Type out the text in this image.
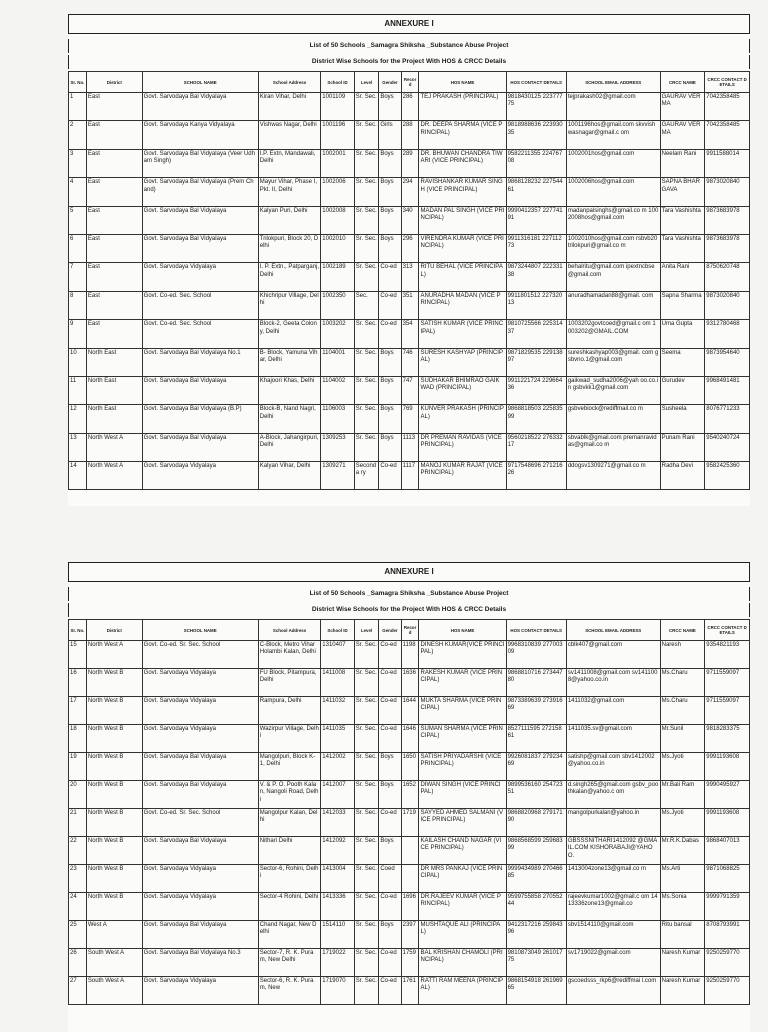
ANNEXURE I
List of 50 Schools _Samagra Shiksha _Substance Abuse Project
District Wise Schools for the Project With HOS & CRCC Details
Sr. No.	District	SCHOOL NAME	School Address	School ID	Level	Gender	Record	HOS NAME	HOS CONTACT DETAILS	SCHOOL EMAIL ADDRESS	CRCC NAME	CRCC CONTACT DETAILS
1	East	Govt. Sarvodaya Bal Vidyalaya	Kiran Vihar, Delhi	1001109	Sr. Sec.	Boys	286	TEJ PRAKASH (PRINCIPAL)	9818430125 22377775	tejprakash02@gmail.com	GAURAV VERMA	7042358485
2	East	Govt. Sarvodaya Kanya Vidyalaya	Vishwas Nagar, Delhi	1001196	Sr. Sec.	Girls	288	DR. DEEPA SHARMA (VICE PRINCIPAL)	9818988636 22393035	1001196hos@gmail.com skvvishwasnagar@gmail.c om	GAURAV VERMA	7042358485
3	East	Govt. Sarvodaya Bal Vidyalaya (Veer Udham Singh)	I.P. Extn, Mandawali, Delhi	1002001	Sr. Sec.	Boys	289	DR. BHUWAN CHANDRA TIWARI (VICE PRINCIPAL)	9582211355 22476708	1002001hos@gmail.com	Neelam Rani	9911588014
4	East	Govt. Sarvodaya Bal Vidyalaya (Prem Chand)	Mayur Vihar, Phase I, Pkt. II, Delhi	1002006	Sr. Sec.	Boys	294	RAVISHANKAR KUMAR SINGH (VICE PRINCIPAL)	9868128232 22754461	1002006hos@gmail.com	SAPNA BHARGAVA	9873020840
5	East	Govt. Sarvodaya Bal Vidyalaya	Kalyan Puri, Delhi	1002008	Sr. Sec.	Boys	340	MADAN PAL SINGH (VICE PRINCIPAL)	9990412357 22774191	madanpalsinghs@gmail.co m 1002008hos@gmail.com	Tara Vashishta	9873683978
6	East	Govt. Sarvodaya Bal Vidyalaya	Trilokpuri, Block 20, Delhi	1002010	Sr. Sec.	Boys	296	VIRENDRA KUMAR (VICE PRINCIPAL)	9911316181 22711273	1002010hos@gmail.com rsbvb20trilokpuri@gmail.co m	Tara Vashishta	9873683978
7	East	Govt. Sarvodaya Vidyalaya	I. P. Extn., Patparganj, Delhi	1002189	Sr. Sec.	Co-ed	313	RITU BEHAL (VICE PRINCIPAL)	9873244807 22233138	behalritu@gmail.com ipextncbse@gmail.com	Anita Rani	8750620748
8	East	Govt. Co-ed. Sec. School	Khichripur Village, Delhi	1002350	Sec.	Co-ed	351	ANURADHA MADAN (VICE PRINCIPAL)	9911801512 22732013	anuradhamadan88@gmail. com	Sapna Sharma	9873020840
9	East	Govt. Co-ed. Sec. School	Block-2, Geeta Colony, Delhi	1003202	Sr. Sec.	Co-ed	354	SATISH KUMAR (VICE PRINCIPAL)	9810725566 22531437	1003202govtcoed@gmail.c om 1003202@GMAIL.COM	Uma Gupta	9312780468
10	North East	Govt. Sarvodaya Bal Vidyalaya No.1	B- Block, Yamuna Vihar, Delhi	1104001	Sr. Sec.	Boys	746	SURESH KASHYAP (PRINCIPAL)	9871829535 22913897	sureshkashyap003@gmail. com gsbvno.1@gmail.com	Seema	9873954640
11	North East	Govt. Sarvodaya Bal Vidyalaya	Khajoori Khas, Delhi	1104002	Sr. Sec.	Boys	747	SUDHAKAR BHIMRAO GAIKWAD (PRINCIPAL)	9911221724 22966436	gaikwad_sudha2006@yah oo.co.in gsbvkk1@gmail.com	Gurudev	9968491481
12	North East	Govt. Sarvodaya Bal Vidyalaya (B.P)	Block-B, Nand Nagri, Delhi	1106003	Sr. Sec.	Boys	769	KUNVER PRAKASH (PRINCIPAL)	9868818503 22583599	gsbvebiock@rediffmail.co m	Susheela	8076771233
13	North West A	Govt. Sarvodaya Bal Vidyalaya	A-Block, Jahangirpuri, Delhi	1309253	Sr. Sec.	Boys	1113	DR PREMAN RAVIDAS (VICE PRINCIPAL)	9560218522 27633217	sbvablk@gmail.com premanravidas@gmail.co m	Punam Rani	9540240724
14	North West A	Govt. Sarvodaya Vidyalaya	Kalyan Vihar, Delhi	1309271	Seconda ry	Co-ed	1117	MANOJ KUMAR RAJAT (VICE PRINCIPAL)	9717548696 27121626	ddogsv1309271@gmail.co m	Radha Devi	9582425360
ANNEXURE I
List of 50 Schools _Samagra Shiksha _Substance Abuse Project
District Wise Schools for the Project With HOS & CRCC Details
Sr. No.	District	SCHOOL NAME	School Address	School ID	Level	Gender	Record	HOS NAME	HOS CONTACT DETAILS	SCHOOL EMAIL ADDRESS	CRCC NAME	CRCC CONTACT DETAILS
15	North West A	Govt. Co-ed. Sr. Sec. School	C-Block, Metro Vihar Holambi Kalan, Delhi	1310407	Sr. Sec.	Co-ed	1198	DINESH KUMAR(VICE PRINCIPAL)	9968310839 27700309	cblk407@gmail.com	Naresh	9354821193
16	North West B	Govt. Sarvodaya Vidyalaya	FU Block, Pitampura, Delhi	1411008	Sr. Sec.	Co-ed	1636	RAKESH KUMAR (VICE PRINCIPAL)	9868810716 27344780	sv1411008@gmail.com sv1411008@yahoo.co.in	Ms.Charu	9711559097
17	North West B	Govt. Sarvodaya Vidyalaya	Rampura, Delhi	1411032	Sr. Sec.	Co-ed	1644	MUKTA SHARMA (VICE PRINCIPAL)	9873389639 27391669	1411032@gmail.com	Ms.Charu	9711559097
18	North West B	Govt. Sarvodaya Vidyalaya	Wazirpur Village, Delhi	1411035	Sr. Sec.	Co-ed	1646	SUMAN SHARMA (VICE PRINCIPAL)	8527111595 27215861	1411035.sv@gmail.com	Mr.Sunil	9818283375
19	North West B	Govt. Sarvodaya Bal Vidyalaya	Mangolpuri, Block K-1, Delhi	1412002	Sr. Sec.	Boys	1650	SATISH PRIYADARSHI (VICE PRINCIPAL)	9926081837 27923469	satishp@gmail.com sbv1412002@yahoo.co.in	Ms.Jyoti	9991193608
20	North West B	Govt. Sarvodaya Bal Vidyalaya	V. & P. O. Pooth Kalan, Nangoli Road, Delhi	1412007	Sr. Sec.	Boys	1652	DIWAN SINGH (VICE PRINCIPAL)	9899536160 25472351	d.singh265@gmail.com gsbv_poothkalan@yahoo.c om	Mr.Bali Ram	9990495927
21	North West B	Govt. Co-ed. Sr. Sec. School	Mangolpur Kalan, Delhi	1412033	Sr. Sec.	Co-ed	1719	SAYYED AHMED SALMANI (VICE PRINCIPAL)	9868820968 27917190	mangolpurkalan@yahoo.in	Ms.Jyoti	9991193608
22	North West B	Govt. Sarvodaya Bal Vidyalaya	Nithari Delhi	1412092	Sr. Sec.	Boys		KAILASH CHAND NAGAR (VICE PRINCIPAL)	9868568599 25968399	GBSSSNITHARI1412092 @GMAIL.COM KISHORABAJI@YAHOO.	Mr.R.K.Dabas	9868407013
23	North West B	Govt. Sarvodaya Vidyalaya	Sector-6, Rohini, Delhi	1413004	Sr. Sec.	Coed		DR MRS PANKAJ (VICE PRINCIPAL)	9999434989 27046685	1413004zone13@gmail.co m	Ms.Arti	9871068825
24	North West B	Govt. Sarvodaya Vidyalaya	Sector-4 Rohini, Delhi	1413336	Sr. Sec.	Co-ed	1696	DR.RAJEEV KUMAR (VICE PRINCIPAL)	9599755858 27055244	rajeevkumar1002@gmail.c om 1413336zone13@gmail.co	Ms.Sonia	9999791359
25	West A	Govt. Sarvodaya Bal Vidyalaya	Chand Nagar, New Delhi	1514110	Sr. Sec.	Boys	2397	MUSHTAQUE ALI (PRINCIPAL)	9412317216 25984396	sbv1514110@gmail.com	Ritu bansal	8708793991
26	South West A	Govt. Sarvodaya Bal Vidyalaya No.3	Sector-7, R. K. Puram, New Delhi	1719022	Sr. Sec.	Co-ed	1759	BAL KRISHAN CHAMOLI (PRINCIPAL)	9810873049 26101775	sv1719022@gmail.com	Naresh Kumar	9250259770
27	South West A	Govt. Sarvodaya Vidyalaya	Sector-6, R. K. Puram, New	1719070	Sr. Sec.	Co-ed	1761	RATTI RAM MEENA (PRINCIPAL)	9868154918 26196965	gscoedsss_rkp6@rediffmai l.com	Naresh Kumar	9250259770
